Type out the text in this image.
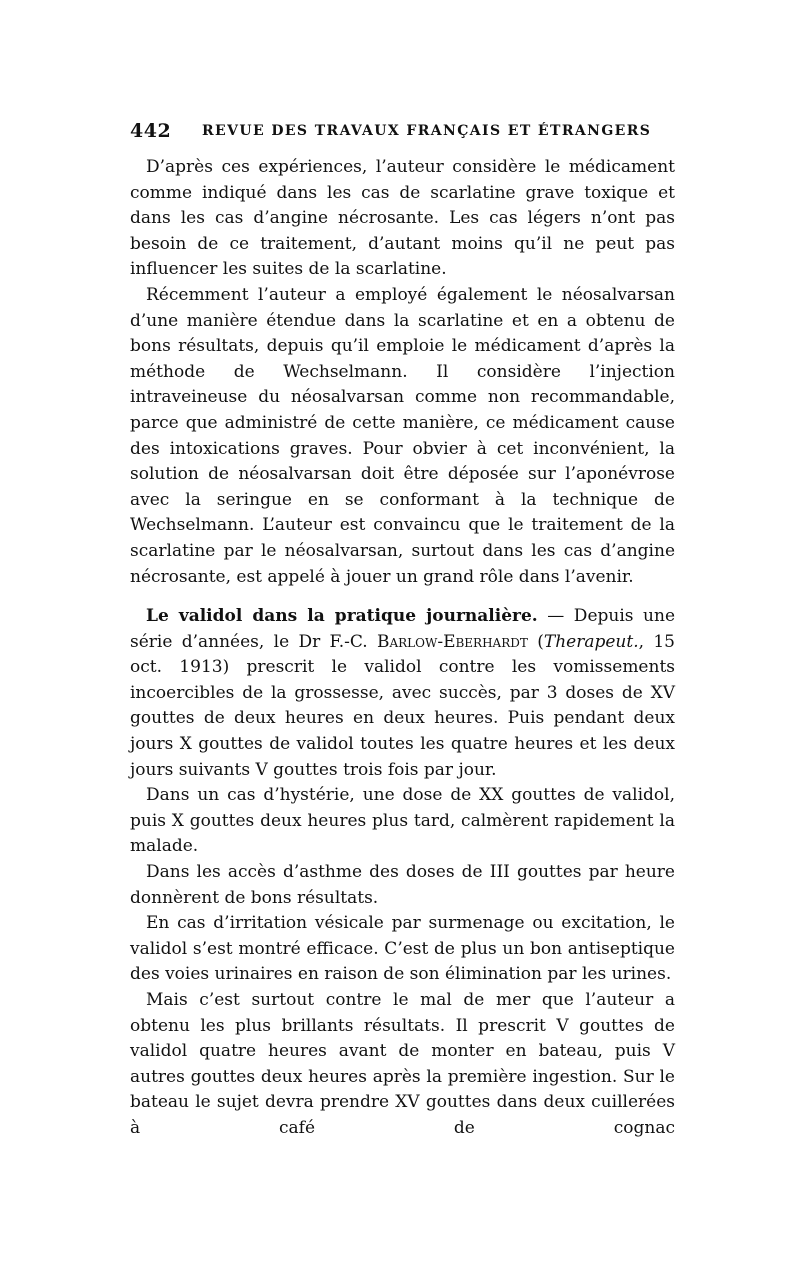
442 REVUE DES TRAVAUX FRANÇAIS ET ÉTRANGERS

D’après ces expériences, l’auteur considère le médicament comme indiqué dans les cas de scarlatine grave toxique et dans les cas d’angine nécrosante. Les cas légers n’ont pas besoin de ce traitement, d’autant moins qu’il ne peut pas influencer les suites de la scarlatine.

Récemment l’auteur a employé également le néosalvarsan d’une manière étendue dans la scarlatine et en a obtenu de bons résultats, depuis qu’il emploie le médicament d’après la méthode de Wechselmann. Il considère l’injection intraveineuse du néosalvarsan comme non recommandable, parce que administré de cette manière, ce médicament cause des intoxications graves. Pour obvier à cet inconvénient, la solution de néosalvarsan doit être déposée sur l’aponévrose avec la seringue en se conformant à la technique de Wechselmann. L’auteur est convaincu que le traitement de la scarlatine par le néosalvarsan, surtout dans les cas d’angine nécrosante, est appelé à jouer un grand rôle dans l’avenir.

Le validol dans la pratique journalière. — Depuis une série d’années, le Dr F.-C. Barlow-Eberhardt (Therapeut., 15 oct. 1913) prescrit le validol contre les vomissements incoercibles de la grossesse, avec succès, par 3 doses de XV gouttes de deux heures en deux heures. Puis pendant deux jours X gouttes de validol toutes les quatre heures et les deux jours suivants V gouttes trois fois par jour.

Dans un cas d’hystérie, une dose de XX gouttes de validol, puis X gouttes deux heures plus tard, calmèrent rapidement la malade.

Dans les accès d’asthme des doses de III gouttes par heure donnèrent de bons résultats.

En cas d’irritation vésicale par surmenage ou excitation, le validol s’est montré efficace. C’est de plus un bon antiseptique des voies urinaires en raison de son élimination par les urines.

Mais c’est surtout contre le mal de mer que l’auteur a obtenu les plus brillants résultats. Il prescrit V gouttes de validol quatre heures avant de monter en bateau, puis V autres gouttes deux heures après la première ingestion. Sur le bateau le sujet devra prendre XV gouttes dans deux cuillerées à café de cognac
